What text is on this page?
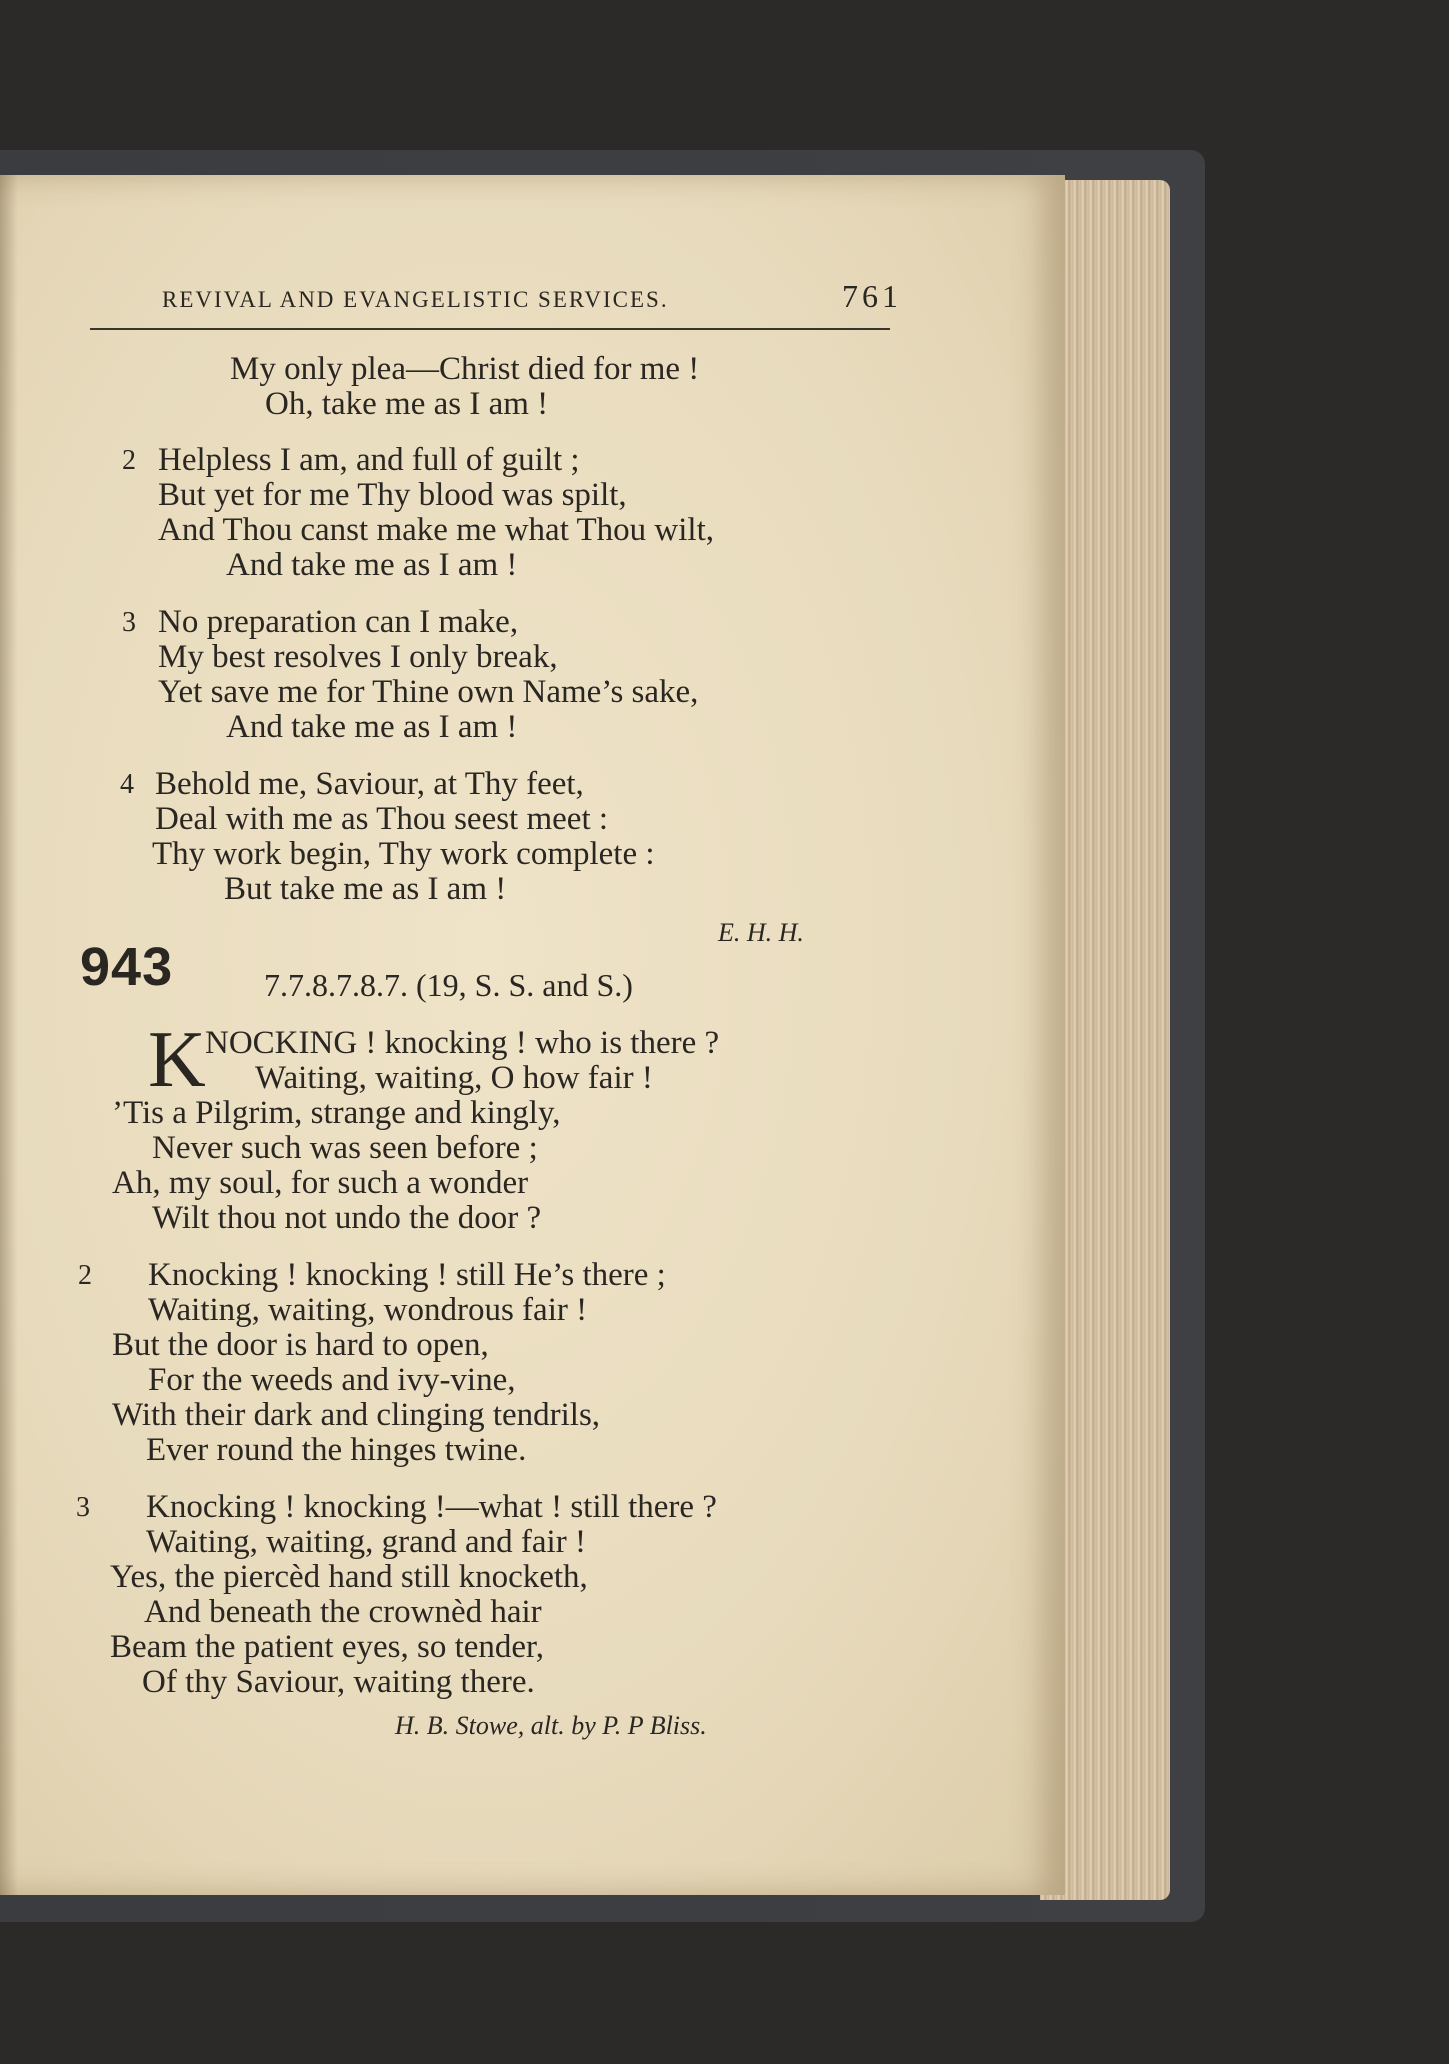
REVIVAL AND EVANGELISTIC SERVICES.	761
My only plea—Christ died for me !
Oh, take me as I am !
2 Helpless I am, and full of guilt ;
But yet for me Thy blood was spilt,
And Thou canst make me what Thou wilt,
And take me as I am !
3 No preparation can I make,
My best resolves I only break,
Yet save me for Thine own Name’s sake,
And take me as I am !
4 Behold me, Saviour, at Thy feet,
Deal with me as Thou seest meet :
Thy work begin, Thy work complete :
But take me as I am !
E. H. H.
943	7.7.8.7.8.7. (19, S. S. and S.)
K NOCKING ! knocking ! who is there ?
Waiting, waiting, O how fair !
’Tis a Pilgrim, strange and kingly,
Never such was seen before ;
Ah, my soul, for such a wonder
Wilt thou not undo the door ?
2 Knocking ! knocking ! still He’s there ;
Waiting, waiting, wondrous fair !
But the door is hard to open,
For the weeds and ivy-vine,
With their dark and clinging tendrils,
Ever round the hinges twine.
3 Knocking ! knocking !—what ! still there ?
Waiting, waiting, grand and fair !
Yes, the piercèd hand still knocketh,
And beneath the crownèd hair
Beam the patient eyes, so tender,
Of thy Saviour, waiting there.
H. B. Stowe, alt. by P. P Bliss.
